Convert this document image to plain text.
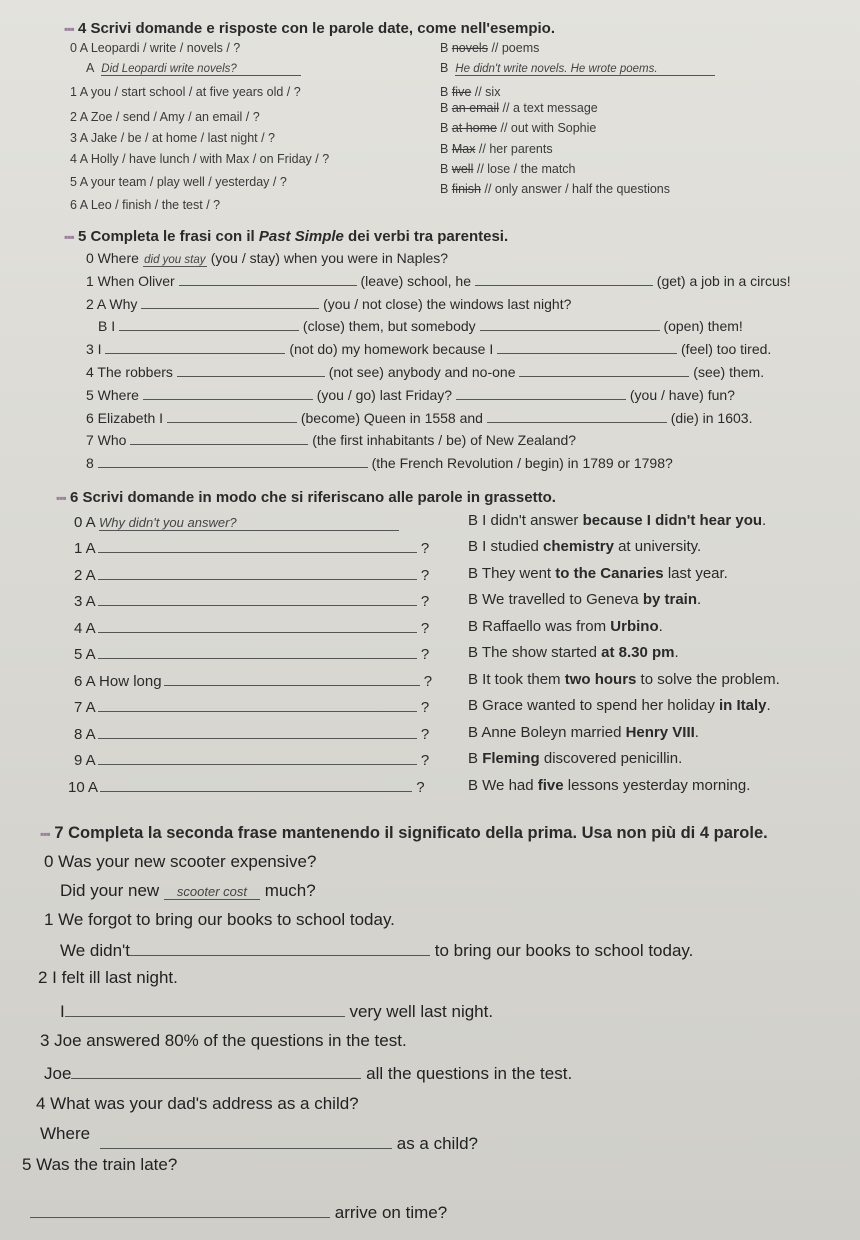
▪▪▪ 4 Scrivi domande e risposte con le parole date, come nell'esempio.
0 A Leopardi / write / novels / ?	B novels // poems
A  Did Leopardi write novels?	B  He didn't write novels. He wrote poems.
1 A you / start school / at five years old / ?	B five // six
2 A Zoe / send / Amy / an email / ?
B an email // a text message
3 A Jake / be / at home / last night / ?
B at home // out with Sophie
4 A Holly / have lunch / with Max / on Friday / ?
B Max // her parents
5 A your team / play well / yesterday / ?
B well // lose / the match
6 A Leo / finish / the test / ?
B finish // only answer / half the questions
▪▪▪ 5 Completa le frasi con il Past Simple dei verbi tra parentesi.
0 Where did you stay (you / stay) when you were in Naples?
1 When Oliver	(leave) school, he	(get) a job in a circus!
2 A Why	(you / not close) the windows last night?
B I	(close) them, but somebody	(open) them!
3 I	(not do) my homework because I	(feel) too tired.
4 The robbers	(not see) anybody and no-one	(see) them.
5 Where	(you / go) last Friday?	(you / have) fun?
6 Elizabeth I	(become) Queen in 1558 and	(die) in 1603.
7 Who	(the first inhabitants / be) of New Zealand?
8	(the French Revolution / begin) in 1789 or 1798?
▪▪▪ 6 Scrivi domande in modo che si riferiscano alle parole in grassetto.
0 A Why didn't you answer?	B I didn't answer because I didn't hear you.
1 A	?	B I studied chemistry at university.
2 A	?	B They went to the Canaries last year.
3 A	?	B We travelled to Geneva by train.
4 A	?	B Raffaello was from Urbino.
5 A	?	B The show started at 8.30 pm.
6 A How long	? B It took them two hours to solve the problem.
7 A	?	B Grace wanted to spend her holiday in Italy.
8 A	?	B Anne Boleyn married Henry VIII.
9 A	?	B Fleming discovered penicillin.
10 A	?	B We had five lessons yesterday morning.
▪▪▪ 7 Completa la seconda frase mantenendo il significato della prima. Usa non più di 4 parole.
0 Was your new scooter expensive?
Did your new scooter cost much?
1 We forgot to bring our books to school today.
We didn't	to bring our books to school today.
2 I felt ill last night.
I	very well last night.
3 Joe answered 80% of the questions in the test.
Joe	all the questions in the test.
4 What was your dad's address as a child?
Where
as a child?
5 Was the train late?
arrive on time?
